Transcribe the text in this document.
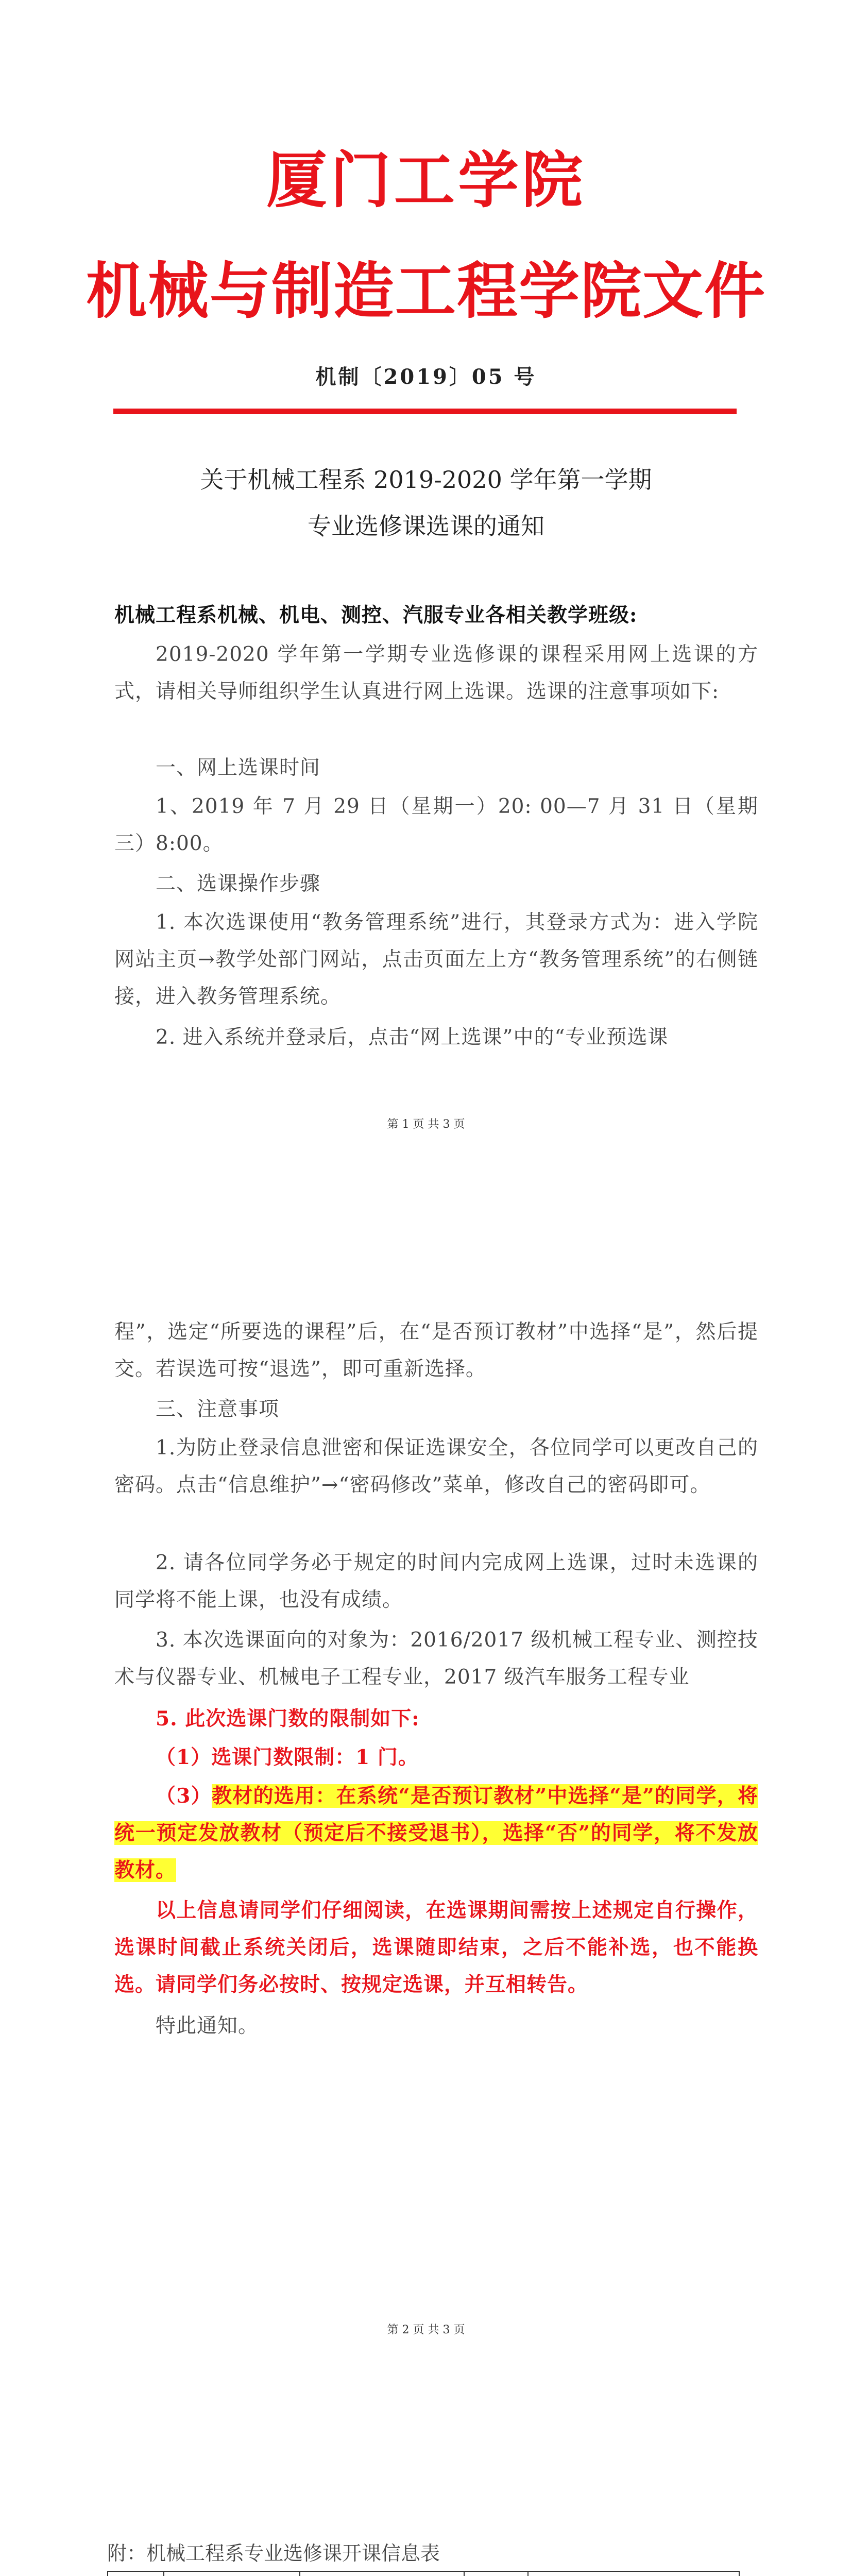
厦门工学院
机械与制造工程学院文件
机制〔2019〕05 号
关于机械工程系 2019-2020 学年第一学期
专业选修课选课的通知
机械工程系机械、机电、测控、汽服专业各相关教学班级:
2019-2020 学年第一学期专业选修课的课程采用网上选课的方式，请相关导师组织学生认真进行网上选课。选课的注意事项如下:
一、网上选课时间
1、2019 年 7 月 29 日（星期一）20: 00—7 月 31 日（星期三）8:00。
二、选课操作步骤
1. 本次选课使用“教务管理系统”进行，其登录方式为：进入学院网站主页→教学处部门网站，点击页面左上方“教务管理系统”的右侧链接，进入教务管理系统。
2. 进入系统并登录后，点击“网上选课”中的“专业预选课
第 1 页 共 3 页
程”，选定“所要选的课程”后，在“是否预订教材”中选择“是”，然后提交。若误选可按“退选”，即可重新选择。
三、注意事项
1.为防止登录信息泄密和保证选课安全，各位同学可以更改自己的密码。点击“信息维护”→“密码修改”菜单，修改自己的密码即可。
2. 请各位同学务必于规定的时间内完成网上选课，过时未选课的同学将不能上课，也没有成绩。
3. 本次选课面向的对象为：2016/2017 级机械工程专业、测控技术与仪器专业、机械电子工程专业，2017 级汽车服务工程专业
5. 此次选课门数的限制如下:
（1）选课门数限制：1 门。
（3）教材的选用：在系统“是否预订教材”中选择“是”的同学，将统一预定发放教材（预定后不接受退书），选择“否”的同学，将不发放教材。
以上信息请同学们仔细阅读，在选课期间需按上述规定自行操作，选课时间截止系统关闭后，选课随即结束，之后不能补选，也不能换选。请同学们务必按时、按规定选课，并互相转告。
特此通知。
第 2 页 共 3 页
附：机械工程系专业选修课开课信息表
